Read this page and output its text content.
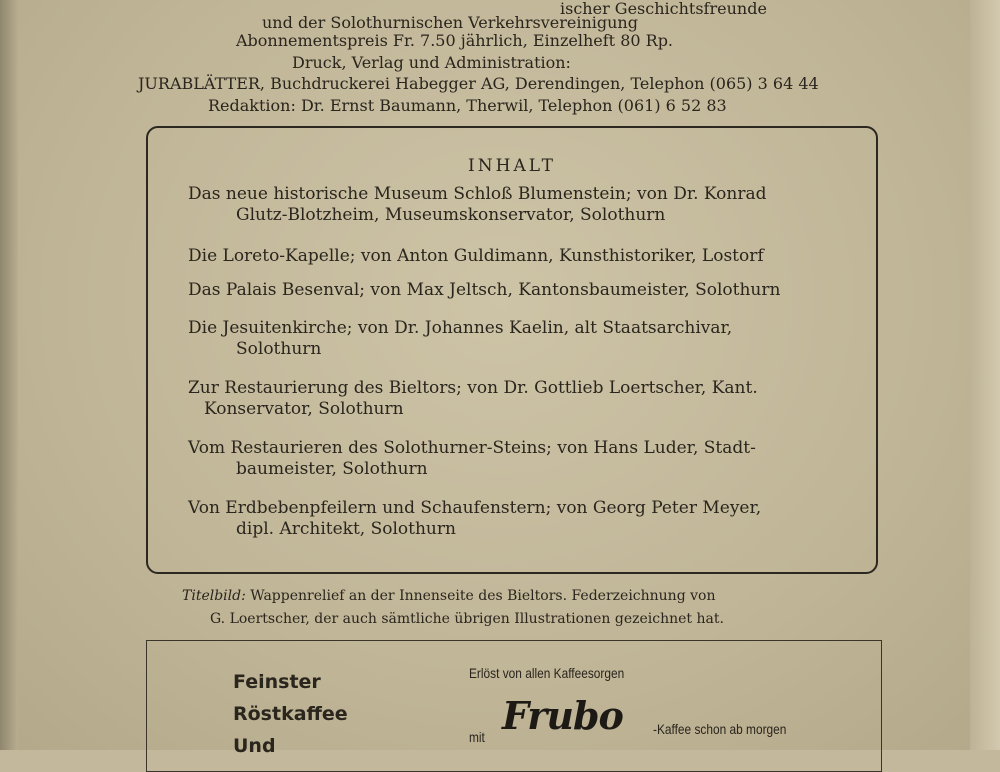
ischer Geschichtsfreunde
und der Solothurnischen Verkehrsvereinigung
Abonnementspreis Fr. 7.50 jährlich, Einzelheft 80 Rp.
Druck, Verlag und Administration:
JURABLÄTTER, Buchdruckerei Habegger AG, Derendingen, Telephon (065) 3 64 44
Redaktion: Dr. Ernst Baumann, Therwil, Telephon (061) 6 52 83
INHALT
Das neue historische Museum Schloß Blumenstein; von Dr. Konrad
Glutz-Blotzheim, Museumskonservator, Solothurn
Die Loreto-Kapelle; von Anton Guldimann, Kunsthistoriker, Lostorf
Das Palais Besenval; von Max Jeltsch, Kantonsbaumeister, Solothurn
Die Jesuitenkirche; von Dr. Johannes Kaelin, alt Staatsarchivar,
Solothurn
Zur Restaurierung des Bieltors; von Dr. Gottlieb Loertscher, Kant.
Konservator, Solothurn
Vom Restaurieren des Solothurner-Steins; von Hans Luder, Stadt-
baumeister, Solothurn
Von Erdbebenpfeilern und Schaufenstern; von Georg Peter Meyer,
dipl. Architekt, Solothurn
Titelbild: Wappenrelief an der Innenseite des Bieltors. Federzeichnung von
G. Loertscher, der auch sämtliche übrigen Illustrationen gezeichnet hat.
Feinster
Röstkaffee
Und
Erlöst von allen Kaffeesorgen
mit Frubo -Kaffee schon ab morgen
